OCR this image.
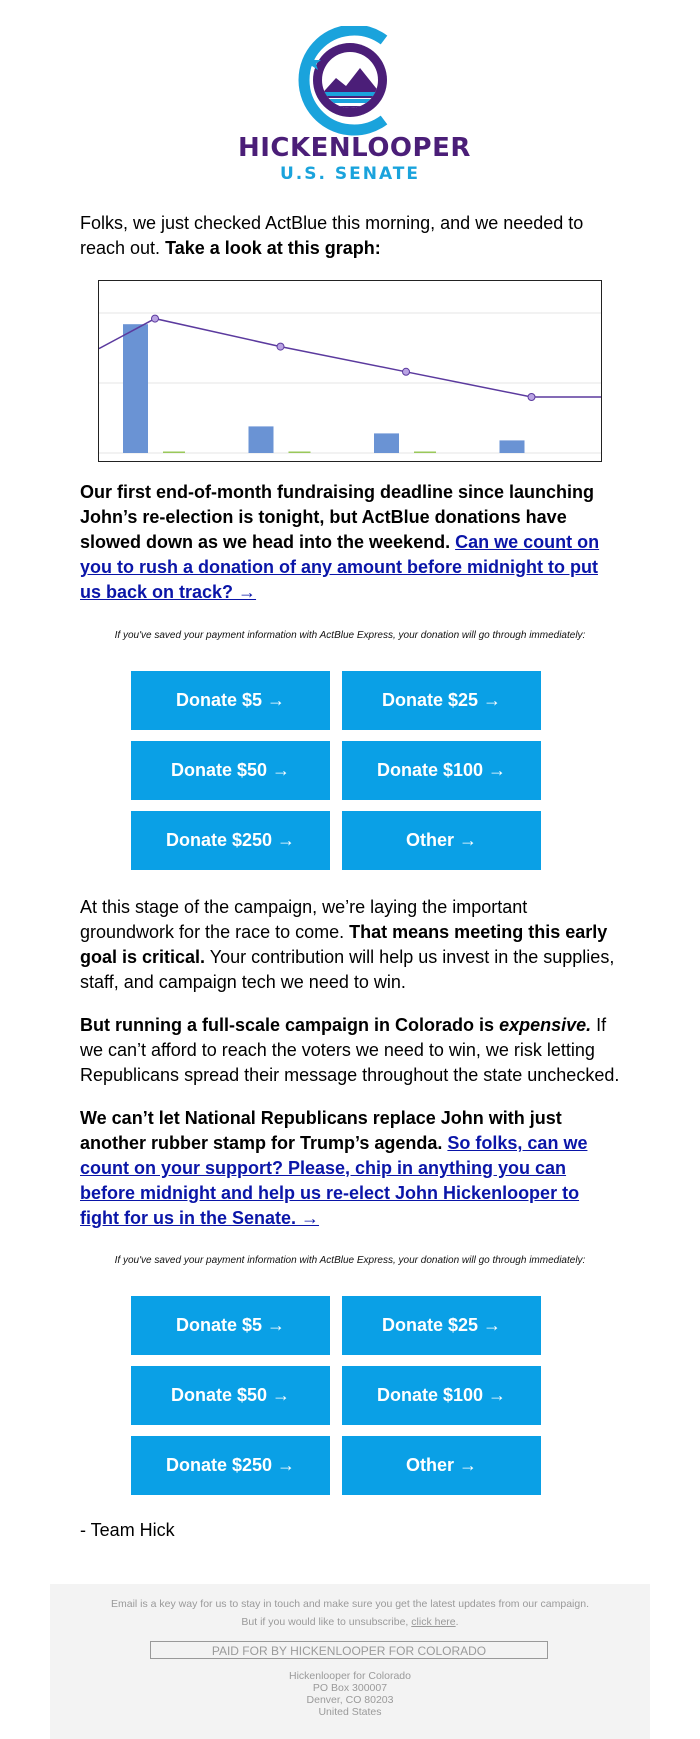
HICKENLOOPER
U.S. SENATE

Folks, we just checked ActBlue this morning, and we needed to reach out. Take a look at this graph:

Our first end-of-month fundraising deadline since launching John’s re-election is tonight, but ActBlue donations have slowed down as we head into the weekend. Can we count on you to rush a donation of any amount before midnight to put us back on track? →

If you've saved your payment information with ActBlue Express, your donation will go through immediately:
Donate $5 →	Donate $25 →
Donate $50 →	Donate $100 →
Donate $250 →	Other →

At this stage of the campaign, we’re laying the important groundwork for the race to come. That means meeting this early goal is critical. Your contribution will help us invest in the supplies, staff, and campaign tech we need to win.

But running a full-scale campaign in Colorado is expensive. If we can’t afford to reach the voters we need to win, we risk letting Republicans spread their message throughout the state unchecked.

We can’t let National Republicans replace John with just another rubber stamp for Trump’s agenda. So folks, can we count on your support? Please, chip in anything you can before midnight and help us re-elect John Hickenlooper to fight for us in the Senate. →

If you've saved your payment information with ActBlue Express, your donation will go through immediately:
Donate $5 →	Donate $25 →
Donate $50 →	Donate $100 →
Donate $250 →	Other →

- Team Hick

Email is a key way for us to stay in touch and make sure you get the latest updates from our campaign.
But if you would like to unsubscribe, click here.
PAID FOR BY HICKENLOOPER FOR COLORADO
Hickenlooper for Colorado
PO Box 300007
Denver, CO 80203
United States
